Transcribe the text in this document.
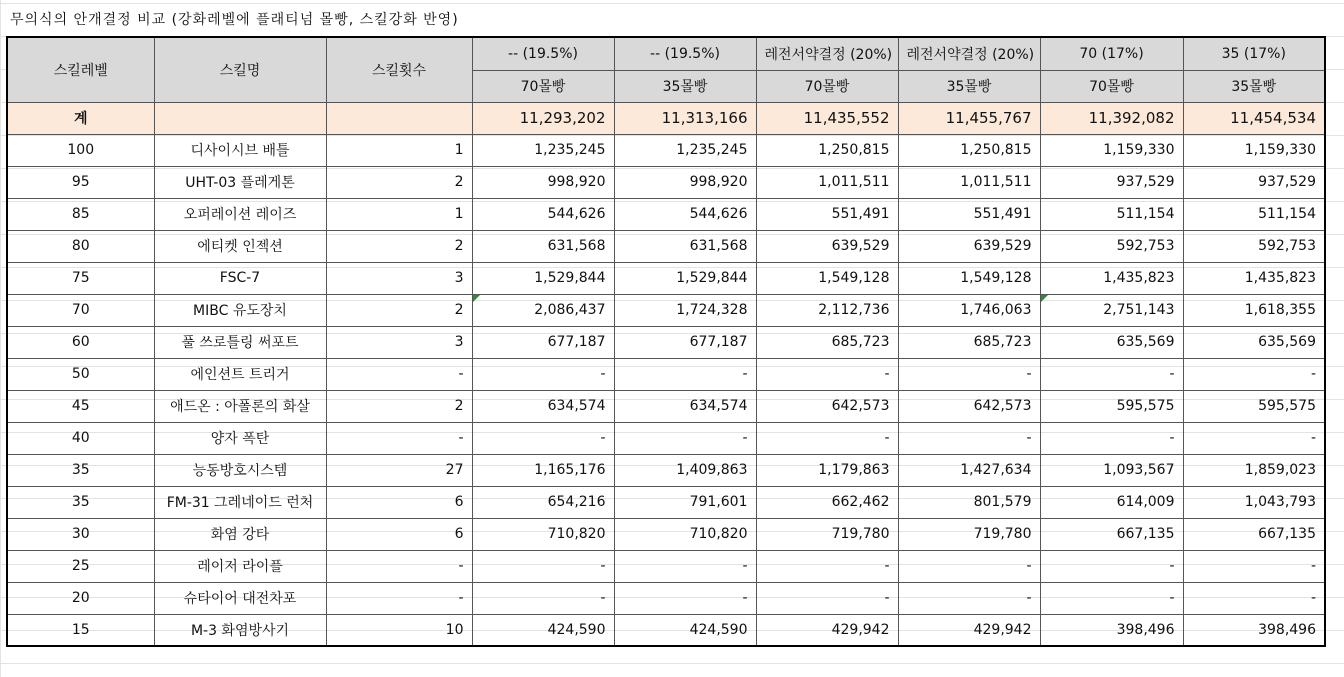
무의식의 안개결정 비교 (강화레벨에 플래티넘 몰빵, 스킬강화 반영)
스킬레벨	스킬명	스킬횟수	-- (19.5%)	-- (19.5%)	레전서약결정 (20%)	레전서약결정 (20%)	70 (17%)	35 (17%)
			70몰빵	35몰빵	70몰빵	35몰빵	70몰빵	35몰빵
계			11,293,202	11,313,166	11,435,552	11,455,767	11,392,082	11,454,534
100	디사이시브 배틀	1	1,235,245	1,235,245	1,250,815	1,250,815	1,159,330	1,159,330
95	UHT-03 플레게톤	2	998,920	998,920	1,011,511	1,011,511	937,529	937,529
85	오퍼레이션 레이즈	1	544,626	544,626	551,491	551,491	511,154	511,154
80	에티켓 인젝션	2	631,568	631,568	639,529	639,529	592,753	592,753
75	FSC-7	3	1,529,844	1,529,844	1,549,128	1,549,128	1,435,823	1,435,823
70	MIBC 유도장치	2	2,086,437	1,724,328	2,112,736	1,746,063	2,751,143	1,618,355
60	풀 쓰로틀링 써포트	3	677,187	677,187	685,723	685,723	635,569	635,569
50	에인션트 트리거	-	-	-	-	-	-	-
45	애드온 : 아폴론의 화살	2	634,574	634,574	642,573	642,573	595,575	595,575
40	양자 폭탄	-	-	-	-	-	-	-
35	능동방호시스템	27	1,165,176	1,409,863	1,179,863	1,427,634	1,093,567	1,859,023
35	FM-31 그레네이드 런처	6	654,216	791,601	662,462	801,579	614,009	1,043,793
30	화염 강타	6	710,820	710,820	719,780	719,780	667,135	667,135
25	레이저 라이플	-	-	-	-	-	-	-
20	슈타이어 대전차포	-	-	-	-	-	-	-
15	M-3 화염방사기	10	424,590	424,590	429,942	429,942	398,496	398,496
